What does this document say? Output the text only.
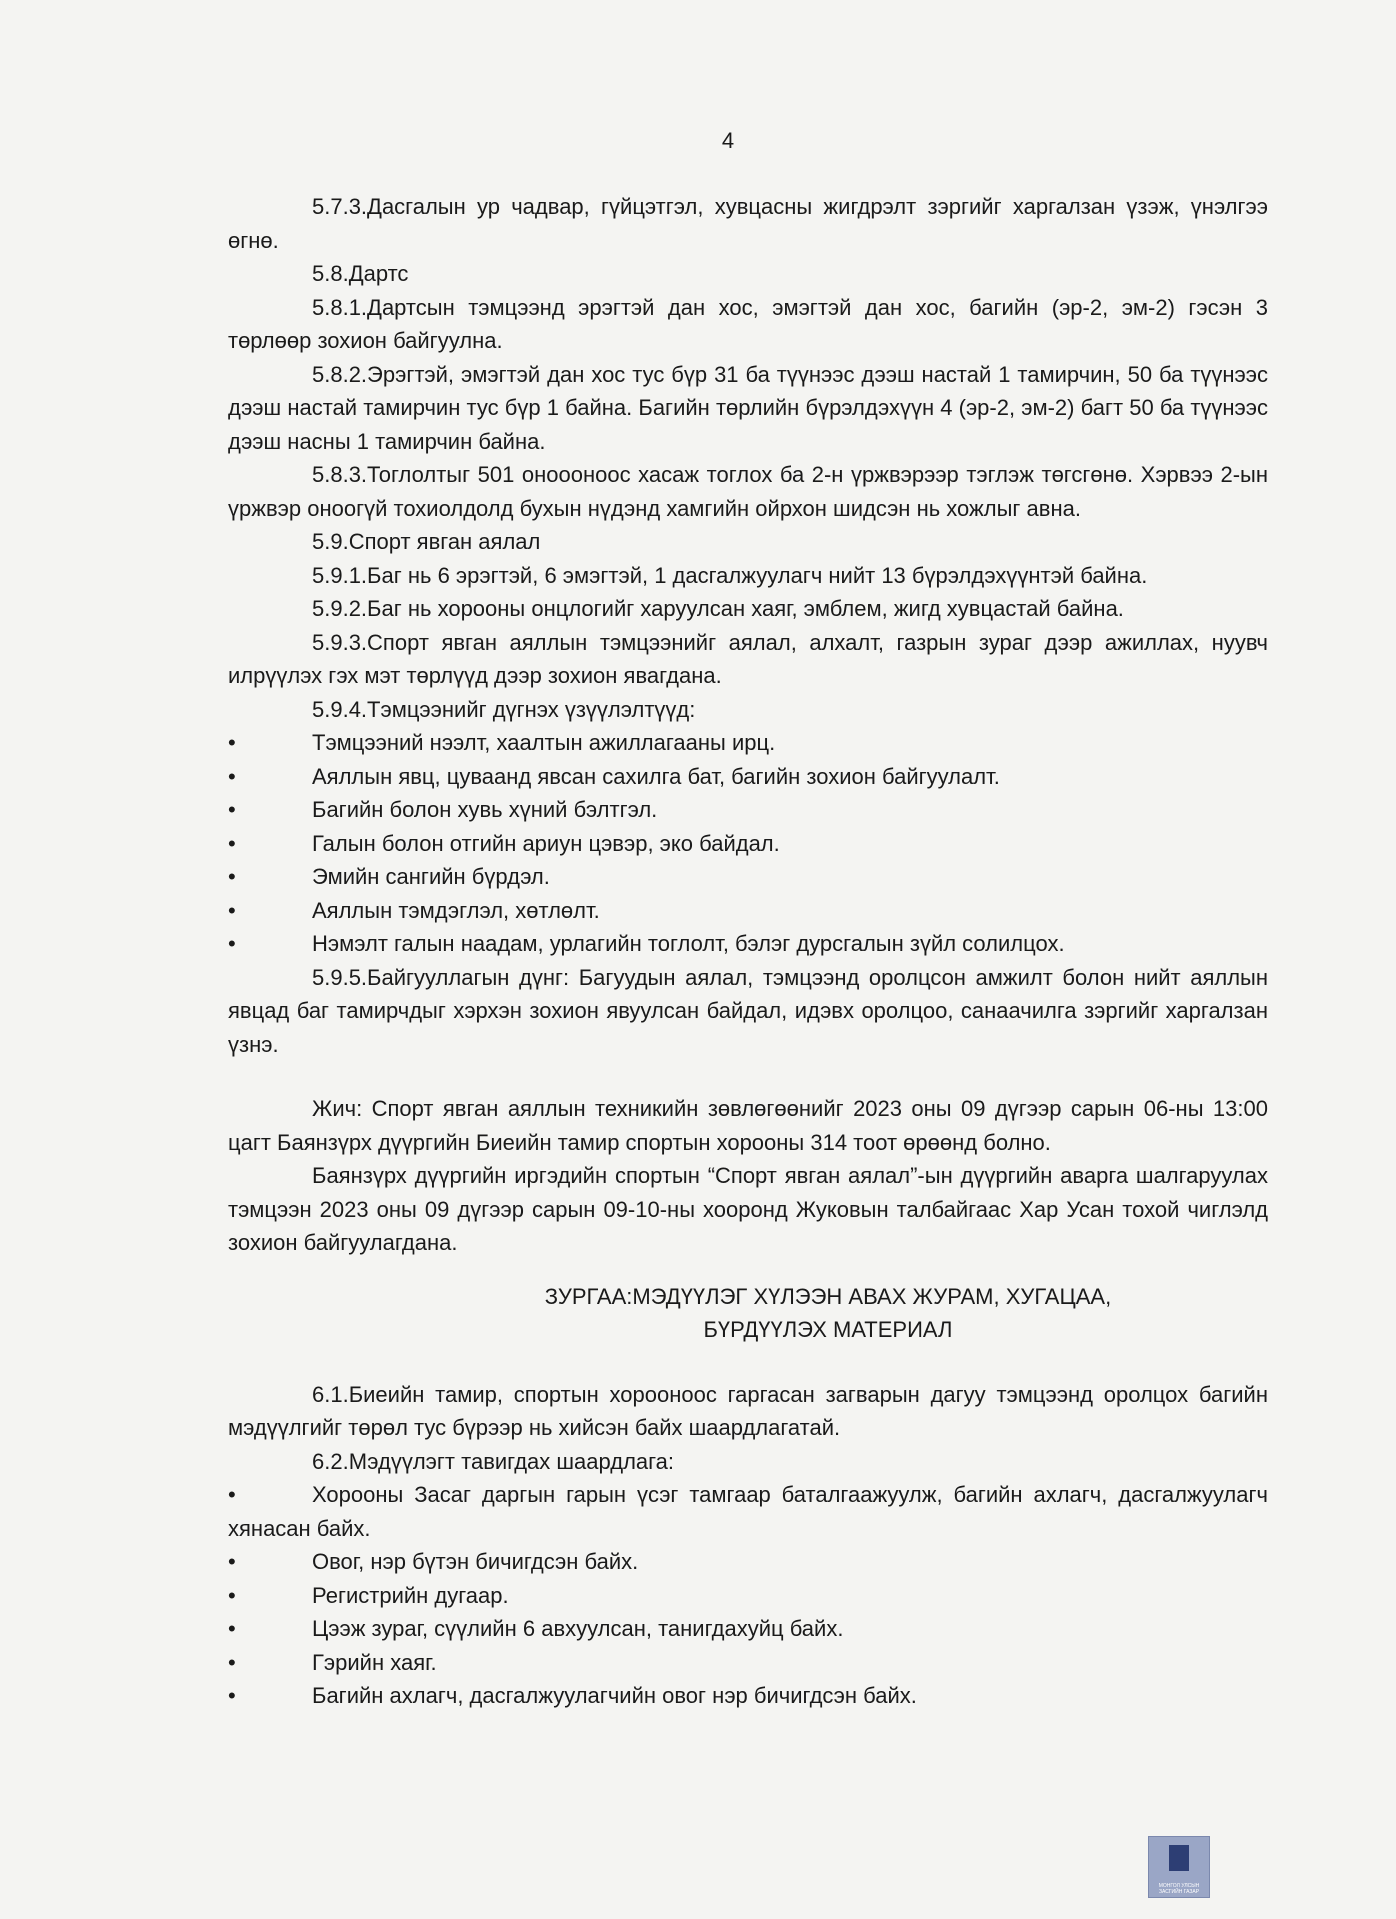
4

5.7.3.Дасгалын ур чадвар, гүйцэтгэл, хувцасны жигдрэлт зэргийг харгалзан үзэж, үнэлгээ өгнө.

5.8.Дартс

5.8.1.Дартсын тэмцээнд эрэгтэй дан хос, эмэгтэй дан хос, багийн (эр-2, эм-2) гэсэн 3 төрлөөр зохион байгуулна.

5.8.2.Эрэгтэй, эмэгтэй дан хос тус бүр 31 ба түүнээс дээш настай 1 тамирчин, 50 ба түүнээс дээш настай тамирчин тус бүр 1 байна. Багийн төрлийн бүрэлдэхүүн 4 (эр-2, эм-2) багт 50 ба түүнээс дээш насны 1 тамирчин байна.

5.8.3.Тоглолтыг 501 оноооноос хасаж тоглох ба 2-н үржвэрээр тэглэж төгсгөнө. Хэрвээ 2-ын үржвэр оноогүй тохиолдолд бухын нүдэнд хамгийн ойрхон шидсэн нь хожлыг авна.

5.9.Спорт явган аялал

5.9.1.Баг нь 6 эрэгтэй, 6 эмэгтэй, 1 дасгалжуулагч нийт 13 бүрэлдэхүүнтэй байна.

5.9.2.Баг нь хорооны онцлогийг харуулсан хаяг, эмблем, жигд хувцастай байна.

5.9.3.Спорт явган аяллын тэмцээнийг аялал, алхалт, газрын зураг дээр ажиллах, нуувч илрүүлэх гэх мэт төрлүүд дээр зохион явагдана.

5.9.4.Тэмцээнийг дүгнэх үзүүлэлтүүд:

•	Тэмцээний нээлт, хаалтын ажиллагааны ирц.

•	Аяллын явц, цуваанд явсан сахилга бат, багийн зохион байгуулалт.

•	Багийн болон хувь хүний бэлтгэл.

•	Галын болон отгийн ариун цэвэр, эко байдал.

•	Эмийн сангийн бүрдэл.

•	Аяллын тэмдэглэл, хөтлөлт.

•	Нэмэлт галын наадам, урлагийн тоглолт, бэлэг дурсгалын зүйл солилцох.

5.9.5.Байгууллагын дүнг: Багуудын аялал, тэмцээнд оролцсон амжилт болон нийт аяллын явцад баг тамирчдыг хэрхэн зохион явуулсан байдал, идэвх оролцоо, санаачилга зэргийг харгалзан үзнэ.

Жич: Спорт явган аяллын техникийн зөвлөгөөнийг 2023 оны 09 дүгээр сарын 06-ны 13:00 цагт Баянзүрх дүүргийн Биеийн тамир спортын хорооны 314 тоот өрөөнд болно.

Баянзүрх дүүргийн иргэдийн спортын “Спорт явган аялал”-ын дүүргийн аварга шалгаруулах тэмцээн 2023 оны 09 дүгээр сарын 09-10-ны хооронд Жуковын талбайгаас Хар Усан тохой чиглэлд зохион байгуулагдана.

ЗУРГАА:МЭДҮҮЛЭГ ХҮЛЭЭН АВАХ ЖУРАМ, ХУГАЦАА,

БҮРДҮҮЛЭХ МАТЕРИАЛ

6.1.Биеийн тамир, спортын хорооноос гаргасан загварын дагуу тэмцээнд оролцох багийн мэдүүлгийг төрөл тус бүрээр нь хийсэн байх шаардлагатай.

6.2.Мэдүүлэгт тавигдах шаардлага:

•	Хорооны Засаг даргын гарын үсэг тамгаар баталгаажуулж, багийн ахлагч, дасгалжуулагч хянасан байх.

•	Овог, нэр бүтэн бичигдсэн байх.

•	Регистрийн дугаар.

•	Цээж зураг, сүүлийн 6 авхуулсан, танигдахуйц байх.

•	Гэрийн хаяг.

•	Багийн ахлагч, дасгалжуулагчийн овог нэр бичигдсэн байх.

МОНГОЛ УЛСЫН ЗАСГИЙН ГАЗАР
